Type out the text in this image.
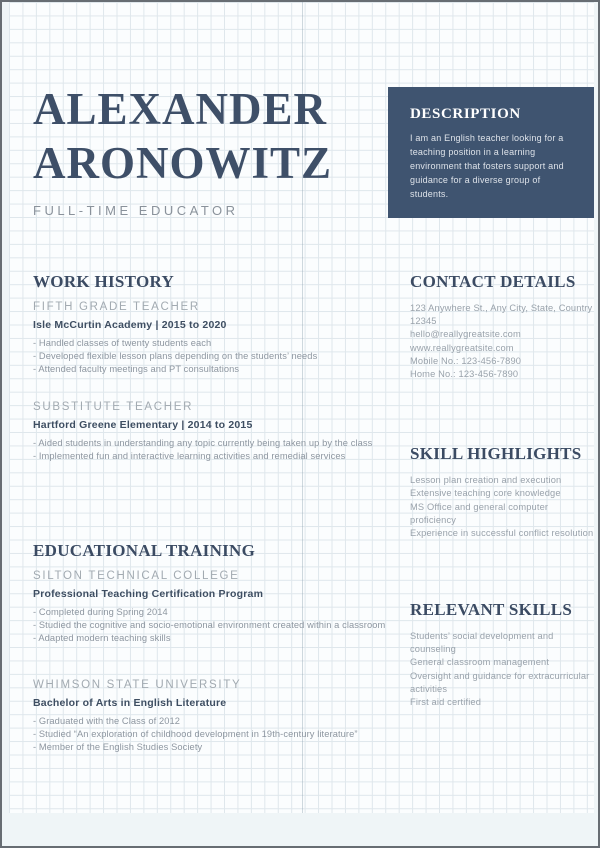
ALEXANDER
ARONOWITZ
FULL-TIME EDUCATOR
DESCRIPTION

I am an English teacher looking for a teaching position in a learning environment that fosters support and guidance for a diverse group of students.

WORK HISTORY
FIFTH GRADE TEACHER
Isle McCurtin Academy | 2015 to 2020
- Handled classes of twenty students each
- Developed flexible lesson plans depending on the students’ needs
- Attended faculty meetings and PT consultations
SUBSTITUTE TEACHER
Hartford Greene Elementary | 2014 to 2015
- Aided students in understanding any topic currently being taken up by the class
- Implemented fun and interactive learning activities and remedial services
EDUCATIONAL TRAINING
SILTON TECHNICAL COLLEGE
Professional Teaching Certification Program
- Completed during Spring 2014
- Studied the cognitive and socio-emotional environment created within a classroom
- Adapted modern teaching skills
WHIMSON STATE UNIVERSITY
Bachelor of Arts in English Literature
- Graduated with the Class of 2012
- Studied “An exploration of childhood development in 19th-century literature”
- Member of the English Studies Society
CONTACT DETAILS
123 Anywhere St., Any City, State, Country 12345
hello@reallygreatsite.com
www.reallygreatsite.com
Mobile No.: 123-456-7890
Home No.: 123-456-7890
SKILL HIGHLIGHTS
Lesson plan creation and execution
Extensive teaching core knowledge
MS Office and general computer proficiency
Experience in successful conflict resolution
RELEVANT SKILLS
Students’ social development and counseling
General classroom management
Oversight and guidance for extracurricular activities
First aid certified
